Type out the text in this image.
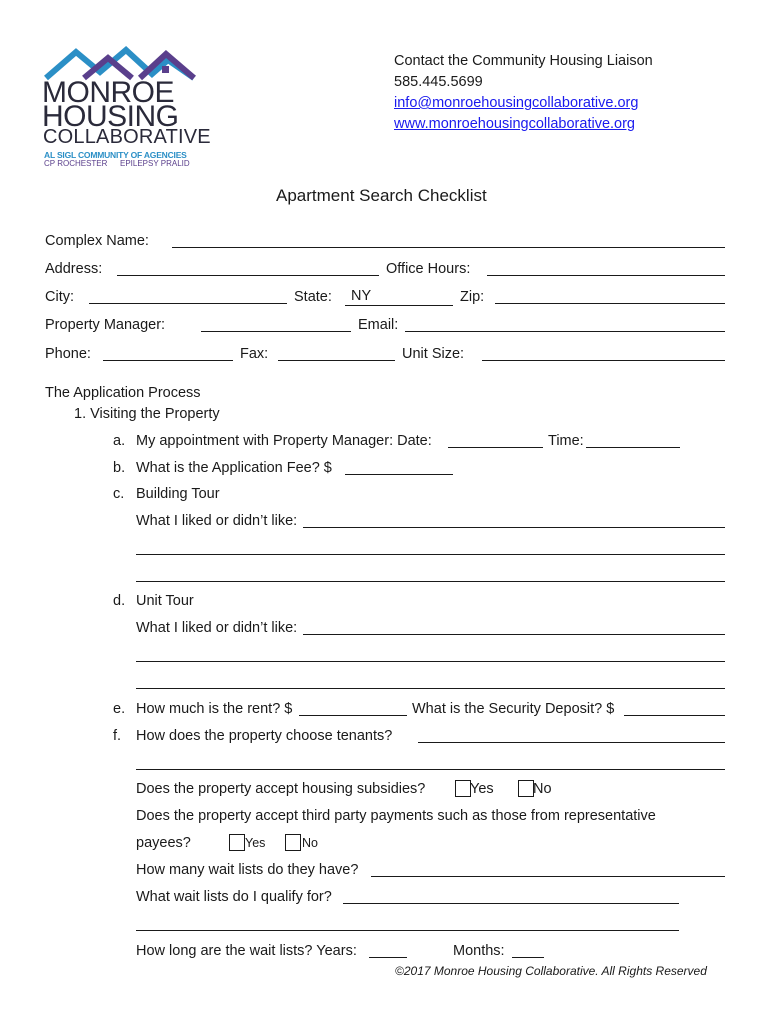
MONROE
HOUSING
COLLABORATIVE
AL SIGL COMMUNITY OF AGENCIES
CP ROCHESTER EPILEPSY PRALID
Contact the Community Housing Liaison
585.445.5699
info@monroehousingcollaborative.org
www.monroehousingcollaborative.org
Apartment Search Checklist
Complex Name:
Address:	Office Hours:
City:	State:	NY	Zip:
Property Manager:	Email:
Phone:	Fax:	Unit Size:
The Application Process
1. Visiting the Property
a. My appointment with Property Manager: Date:	Time:
b. What is the Application Fee? $
c. Building Tour
What I liked or didn’t like:
d. Unit Tour
What I liked or didn’t like:
e. How much is the rent? $	What is the Security Deposit? $
f. How does the property choose tenants?
Does the property accept housing subsidies?	Yes	No
Does the property accept third party payments such as those from representative
payees?	Yes	No
How many wait lists do they have?
What wait lists do I qualify for?
How long are the wait lists? Years:	Months:
©2017 Monroe Housing Collaborative. All Rights Reserved
